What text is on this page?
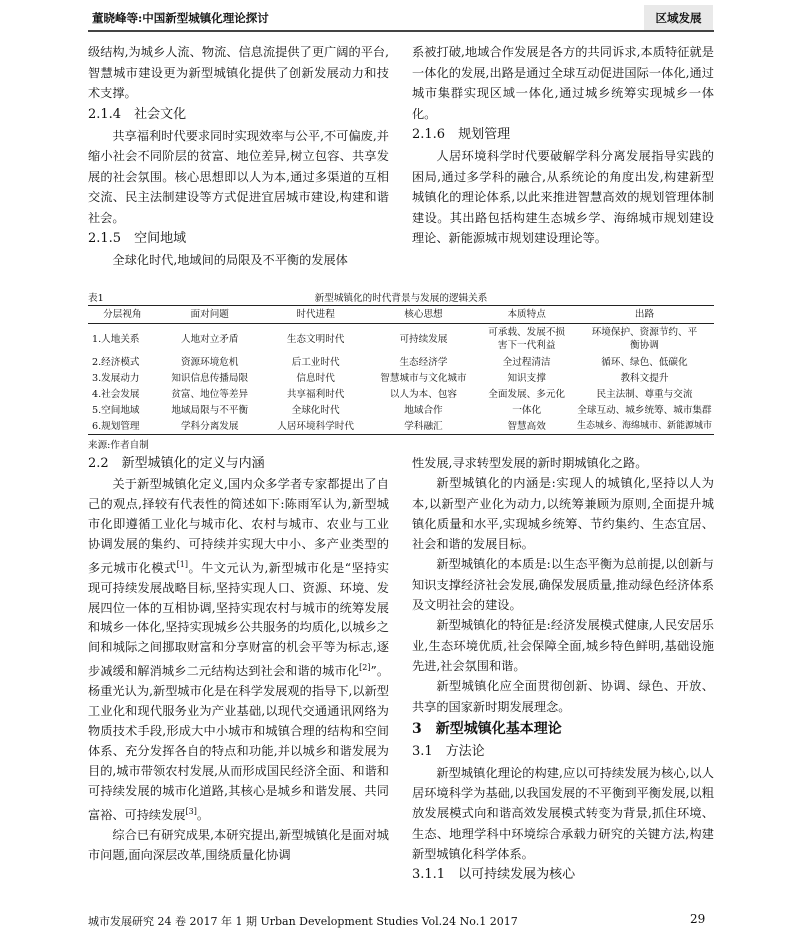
董晓峰等:中国新型城镇化理论探讨	区域发展

级结构,为城乡人流、物流、信息流提供了更广阔的平台,智慧城市建设更为新型城镇化提供了创新发展动力和技术支撑。

2.1.4　社会文化

共享福利时代要求同时实现效率与公平,不可偏废,并缩小社会不同阶层的贫富、地位差异,树立包容、共享发展的社会氛围。核心思想即以人为本,通过多渠道的互相交流、民主法制建设等方式促进宜居城市建设,构建和谐社会。

2.1.5　空间地域

全球化时代,地域间的局限及不平衡的发展体

系被打破,地域合作发展是各方的共同诉求,本质特征就是一体化的发展,出路是通过全球互动促进国际一体化,通过城市集群实现区域一体化,通过城乡统筹实现城乡一体化。

2.1.6　规划管理

人居环境科学时代要破解学科分离发展指导实践的困局,通过多学科的融合,从系统论的角度出发,构建新型城镇化的理论体系,以此来推进智慧高效的规划管理体制建设。其出路包括构建生态城乡学、海绵城市规划建设理论、新能源城市规划建设理论等。

表1	新型城镇化的时代背景与发展的逻辑关系
分层视角	面对问题	时代进程	核心思想	本质特点	出路
1.人地关系	人地对立矛盾	生态文明时代	可持续发展	可承载、发展不损害下一代利益	环境保护、资源节约、平衡协调
2.经济模式	资源环境危机	后工业时代	生态经济学	全过程清洁	循环、绿色、低碳化
3.发展动力	知识信息传播局限	信息时代	智慧城市与文化城市	知识支撑	教科文提升
4.社会发展	贫富、地位等差异	共享福利时代	以人为本、包容	全面发展、多元化	民主法制、尊重与交流
5.空间地域	地域局限与不平衡	全球化时代	地域合作	一体化	全球互动、城乡统筹、城市集群
6.规划管理	学科分离发展	人居环境科学时代	学科融汇	智慧高效	生态城乡、海绵城市、新能源城市
来源:作者自制

2.2　新型城镇化的定义与内涵

关于新型城镇化定义,国内众多学者专家都提出了自己的观点,择较有代表性的简述如下:陈雨军认为,新型城市化即遵循工业化与城市化、农村与城市、农业与工业协调发展的集约、可持续并实现大中小、多产业类型的多元城市化模式[1]。牛文元认为,新型城市化是“坚持实现可持续发展战略目标,坚持实现人口、资源、环境、发展四位一体的互相协调,坚持实现农村与城市的统筹发展和城乡一体化,坚持实现城乡公共服务的均质化,以城乡之间和城际之间挪取财富和分享财富的机会平等为标志,逐步减缓和解消城乡二元结构达到社会和谐的城市化[2]”。杨重光认为,新型城市化是在科学发展观的指导下,以新型工业化和现代服务业为产业基础,以现代交通通讯网络为物质技术手段,形成大中小城市和城镇合理的结构和空间体系、充分发挥各自的特点和功能,并以城乡和谐发展为目的,城市带领农村发展,从而形成国民经济全面、和谐和可持续发展的城市化道路,其核心是城乡和谐发展、共同富裕、可持续发展[3]。

综合已有研究成果,本研究提出,新型城镇化是面对城市问题,面向深层改革,围绕质量化协调

性发展,寻求转型发展的新时期城镇化之路。

新型城镇化的内涵是:实现人的城镇化,坚持以人为本,以新型产业化为动力,以统筹兼顾为原则,全面提升城镇化质量和水平,实现城乡统筹、节约集约、生态宜居、社会和谐的发展目标。

新型城镇化的本质是:以生态平衡为总前提,以创新与知识支撑经济社会发展,确保发展质量,推动绿色经济体系及文明社会的建设。

新型城镇化的特征是:经济发展模式健康,人民安居乐业,生态环境优质,社会保障全面,城乡特色鲜明,基础设施先进,社会氛围和谐。

新型城镇化应全面贯彻创新、协调、绿色、开放、共享的国家新时期发展理念。

3　新型城镇化基本理论

3.1　方法论

新型城镇化理论的构建,应以可持续发展为核心,以人居环境科学为基础,以我国发展的不平衡到平衡发展,以粗放发展模式向和谐高效发展模式转变为背景,抓住环境、生态、地理学科中环境综合承载力研究的关键方法,构建新型城镇化科学体系。

3.1.1　以可持续发展为核心

城市发展研究 24 卷 2017 年 1 期 Urban Development Studies Vol.24 No.1 2017	29
